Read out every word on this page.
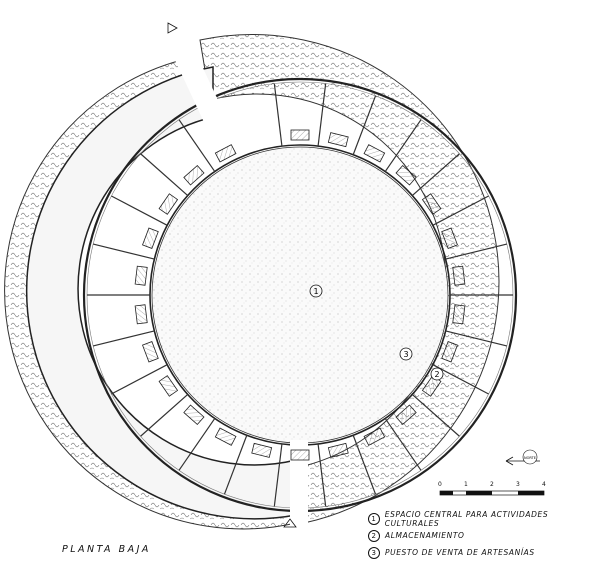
1
3
2
NORTE
0	1	2	3	4
1	ESPACIO CENTRAL PARA ACTIVIDADES CULTURALES
2	ALMACENAMIENTO
3	PUESTO DE VENTA DE ARTESANÍAS
PLANTA BAJA
